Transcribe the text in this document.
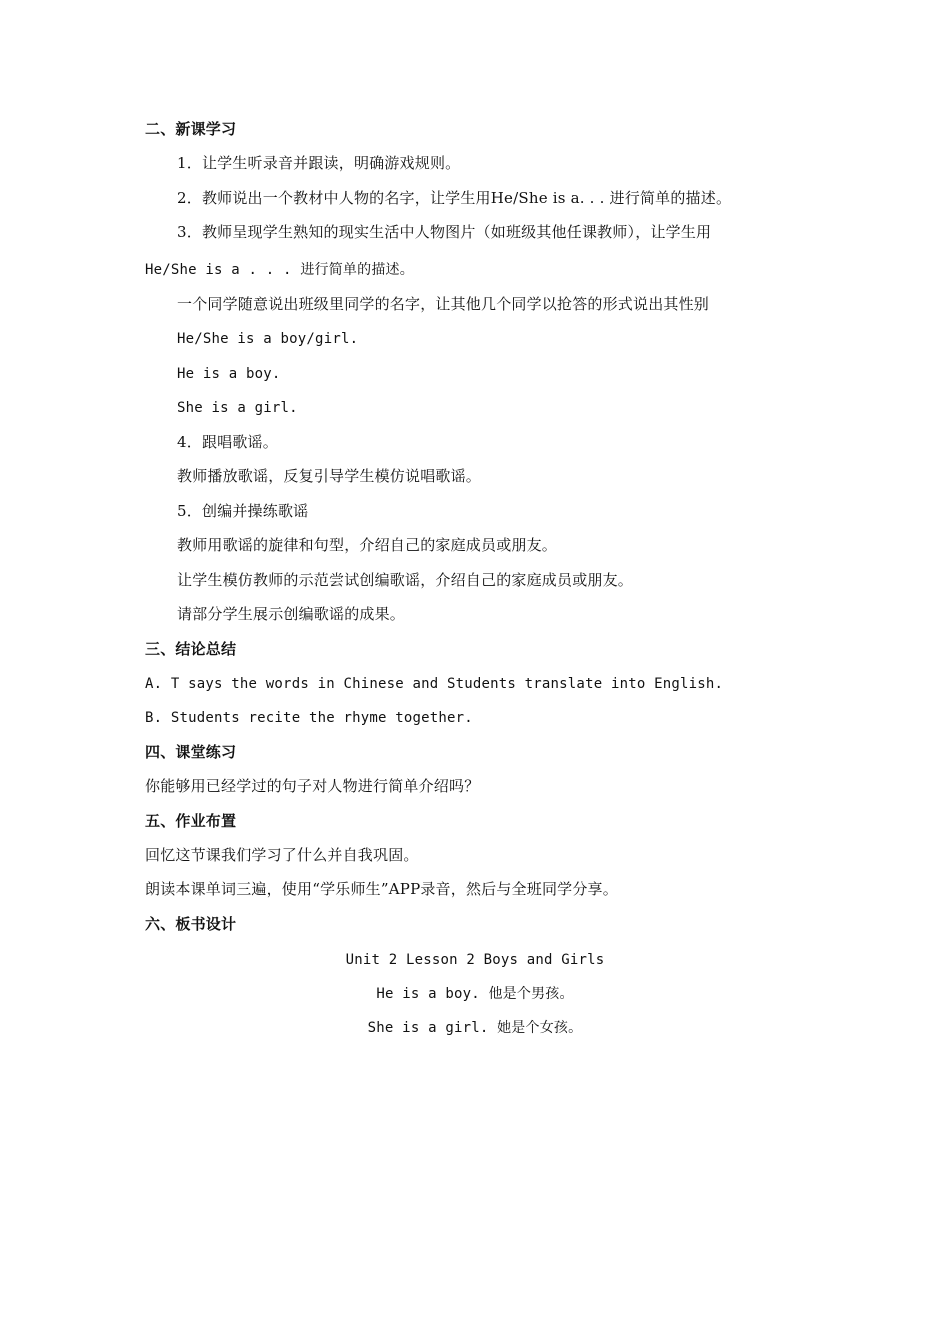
二、新课学习
1．让学生听录音并跟读，明确游戏规则。
2．教师说出一个教材中人物的名字，让学生用He/She is a. . . 进行简单的描述。
3．教师呈现学生熟知的现实生活中人物图片（如班级其他任课教师），让学生用
He/She is a . . . 进行简单的描述。
一个同学随意说出班级里同学的名字，让其他几个同学以抢答的形式说出其性别
He/She is a boy/girl.
He is a boy.
She is a girl.
4．跟唱歌谣。
教师播放歌谣，反复引导学生模仿说唱歌谣。
5．创编并操练歌谣
教师用歌谣的旋律和句型，介绍自己的家庭成员或朋友。
让学生模仿教师的示范尝试创编歌谣，介绍自己的家庭成员或朋友。
请部分学生展示创编歌谣的成果。
三、结论总结
A. T says the words in Chinese and Students translate into English.
B. Students recite the rhyme together.
四、课堂练习
你能够用已经学过的句子对人物进行简单介绍吗？
五、作业布置
回忆这节课我们学习了什么并自我巩固。
朗读本课单词三遍，使用“学乐师生”APP录音，然后与全班同学分享。
六、板书设计
Unit 2 Lesson 2 Boys and Girls
He is a boy. 他是个男孩。
She is a girl. 她是个女孩。
